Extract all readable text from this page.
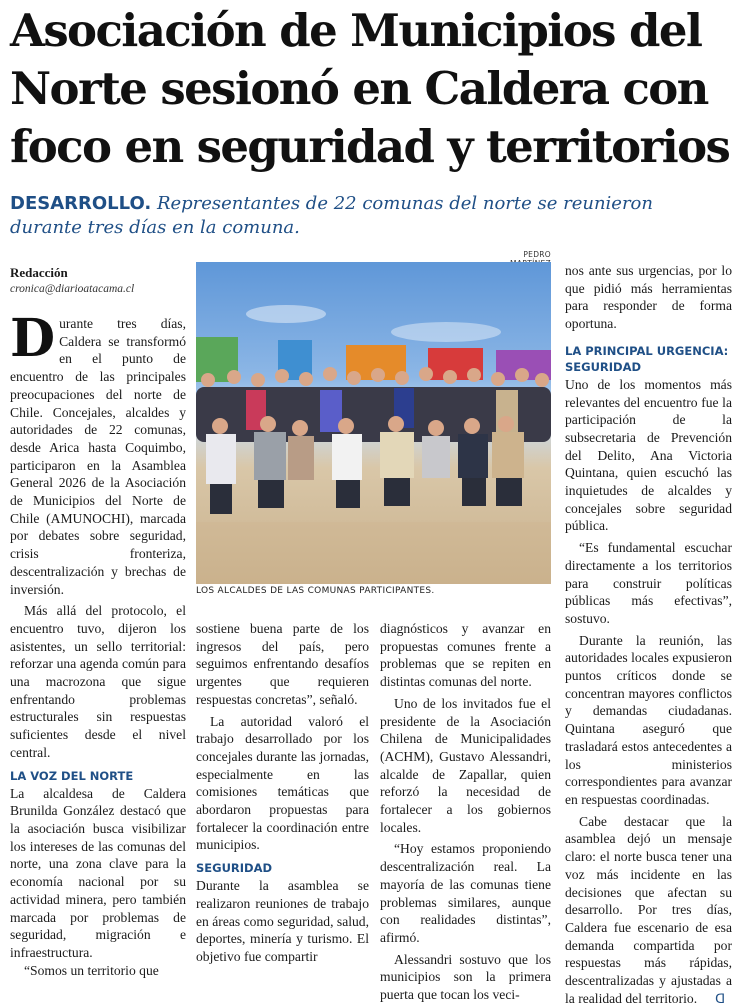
Asociación de Municipios del
Norte sesionó en Caldera con
foco en seguridad y territorios
DESARROLLO. Representantes de 22 comunas del norte se reunieron durante tres días en la comuna.
Redacción
cronica@diarioatacama.cl
PEDRO
LOS ALCALDES DE LAS COMUNAS PARTICIPANTES.

Durante tres días, Caldera se transformó en el punto de encuentro de las principales preocupaciones del norte de Chile. Concejales, alcaldes y autoridades de 22 comunas, desde Arica hasta Coquimbo, participaron en la Asamblea General 2026 de la Asociación de Municipios del Norte de Chile (AMUNOCHI), marcada por debates sobre seguridad, crisis fronteriza, descentralización y brechas de inversión.

Más allá del protocolo, el encuentro tuvo, dijeron los asistentes, un sello territorial: reforzar una agenda común para una macrozona que sigue enfrentando problemas estructurales sin respuestas suficientes desde el nivel central.

LA VOZ DEL NORTE

La alcaldesa de Caldera Brunilda González destacó que la asociación busca visibilizar los intereses de las comunas del norte, una zona clave para la economía nacional por su actividad minera, pero también marcada por problemas de seguridad, migración e infraestructura.

“Somos un territorio que

sostiene buena parte de los ingresos del país, pero seguimos enfrentando desafíos urgentes que requieren respuestas concretas”, señaló.

La autoridad valoró el trabajo desarrollado por los concejales durante las jornadas, especialmente en las comisiones temáticas que abordaron propuestas para fortalecer la coordinación entre municipios.

SEGURIDAD

Durante la asamblea se realizaron reuniones de trabajo en áreas como seguridad, salud, deportes, minería y turismo. El objetivo fue compartir

diagnósticos y avanzar en propuestas comunes frente a problemas que se repiten en distintas comunas del norte.

Uno de los invitados fue el presidente de la Asociación Chilena de Municipalidades (ACHM), Gustavo Alessandri, alcalde de Zapallar, quien reforzó la necesidad de fortalecer a los gobiernos locales.

“Hoy estamos proponiendo descentralización real. La mayoría de las comunas tiene problemas similares, aunque con realidades distintas”, afirmó.

Alessandri sostuvo que los municipios son la primera puerta que tocan los veci-

nos ante sus urgencias, por lo que pidió más herramientas para responder de forma oportuna.

LA PRINCIPAL URGENCIA: SEGURIDAD

Uno de los momentos más relevantes del encuentro fue la participación de la subsecretaria de Prevención del Delito, Ana Victoria Quintana, quien escuchó las inquietudes de alcaldes y concejales sobre seguridad pública.

“Es fundamental escuchar directamente a los territorios para construir políticas públicas más efectivas”, sostuvo.

Durante la reunión, las autoridades locales expusieron puntos críticos donde se concentran mayores conflictos y demandas ciudadanas. Quintana aseguró que trasladará estos antecedentes a los ministerios correspondientes para avanzar en respuestas coordinadas.

Cabe destacar que la asamblea dejó un mensaje claro: el norte busca tener una voz más incidente en las decisiones que afectan su desarrollo. Por tres días, Caldera fue escenario de esa demanda compartida por respuestas más rápidas, descentralizadas y ajustadas a la realidad del territorio. ᗡ
